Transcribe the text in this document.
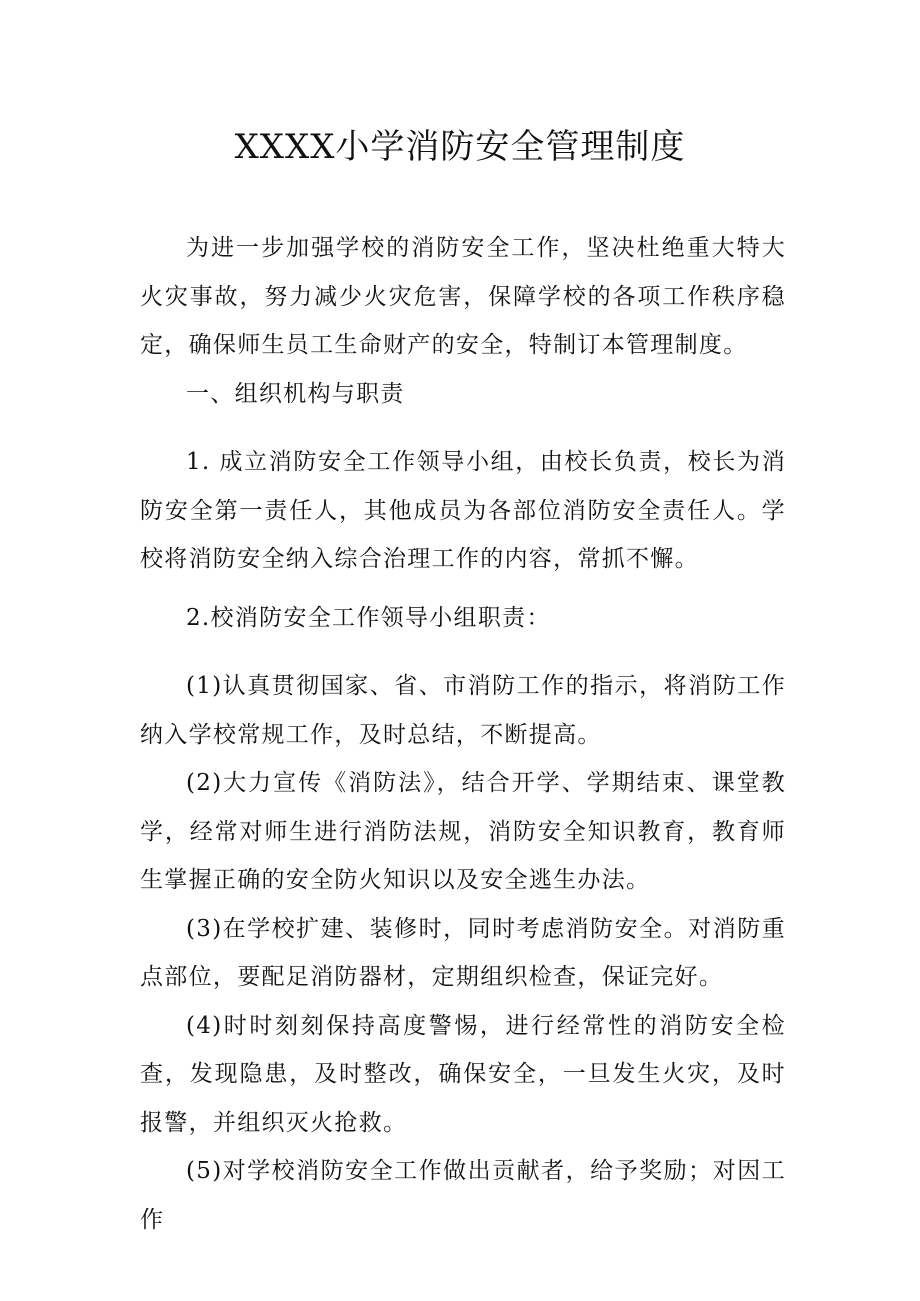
XXXX小学消防安全管理制度

为进一步加强学校的消防安全工作，坚决杜绝重大特大火灾事故，努力减少火灾危害，保障学校的各项工作秩序稳定，确保师生员工生命财产的安全，特制订本管理制度。

一、组织机构与职责

1. 成立消防安全工作领导小组，由校长负责，校长为消防安全第一责任人，其他成员为各部位消防安全责任人。学校将消防安全纳入综合治理工作的内容，常抓不懈。

2.校消防安全工作领导小组职责：

(1)认真贯彻国家、省、市消防工作的指示，将消防工作纳入学校常规工作，及时总结，不断提高。

(2)大力宣传《消防法》，结合开学、学期结束、课堂教学，经常对师生进行消防法规，消防安全知识教育，教育师生掌握正确的安全防火知识以及安全逃生办法。

(3)在学校扩建、装修时，同时考虑消防安全。对消防重点部位，要配足消防器材，定期组织检查，保证完好。

(4)时时刻刻保持高度警惕，进行经常性的消防安全检查，发现隐患，及时整改，确保安全，一旦发生火灾，及时报警，并组织灭火抢救。

(5)对学校消防安全工作做出贡献者，给予奖励；对因工作
